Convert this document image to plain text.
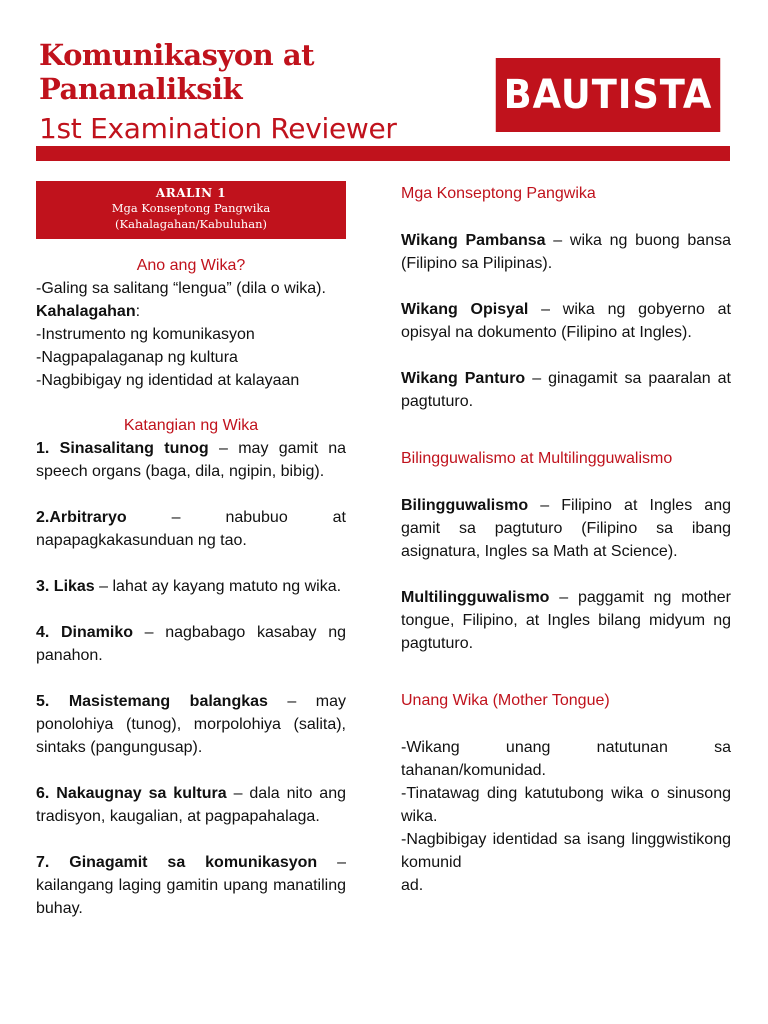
Komunikasyon at
Pananaliksik
1st Examination Reviewer
BAUTISTA
ARALIN 1
Mga Konseptong Pangwika
(Kahalagahan/Kabuluhan)
Ano ang Wika?

-Galing sa salitang “lengua” (dila o wika).

Kahalagahan:

-Instrumento ng komunikasyon

-Nagpapalaganap ng kultura

-Nagbibigay ng identidad at kalayaan

Katangian ng Wika

1. Sinasalitang tunog – may gamit na speech organs (baga, dila, ngipin, bibig).

2.Arbitraryo – nabubuo at napapagkakasunduan ng tao.

3. Likas – lahat ay kayang matuto ng wika.

4. Dinamiko – nagbabago kasabay ng panahon.

5. Masistemang balangkas – may ponolohiya (tunog), morpolohiya (salita), sintaks (pangungusap).

6. Nakaugnay sa kultura – dala nito ang tradisyon, kaugalian, at pagpapahalaga.

7. Ginagamit sa komunikasyon – kailangang laging gamitin upang manatiling buhay.

Mga Konseptong Pangwika

Wikang Pambansa – wika ng buong bansa (Filipino sa Pilipinas).

Wikang Opisyal – wika ng gobyerno at opisyal na dokumento (Filipino at Ingles).

Wikang Panturo – ginagamit sa paaralan at pagtuturo.

Bilingguwalismo at Multilingguwalismo

Bilingguwalismo – Filipino at Ingles ang gamit sa pagtuturo (Filipino sa ibang asignatura, Ingles sa Math at Science).

Multilingguwalismo – paggamit ng mother tongue, Filipino, at Ingles bilang midyum ng pagtuturo.

Unang Wika (Mother Tongue)

-Wikang unang natutunan sa tahanan/komunidad.

-Tinatawag ding katutubong wika o sinusong wika.

-Nagbibigay identidad sa isang linggwistikong komunid

ad.
